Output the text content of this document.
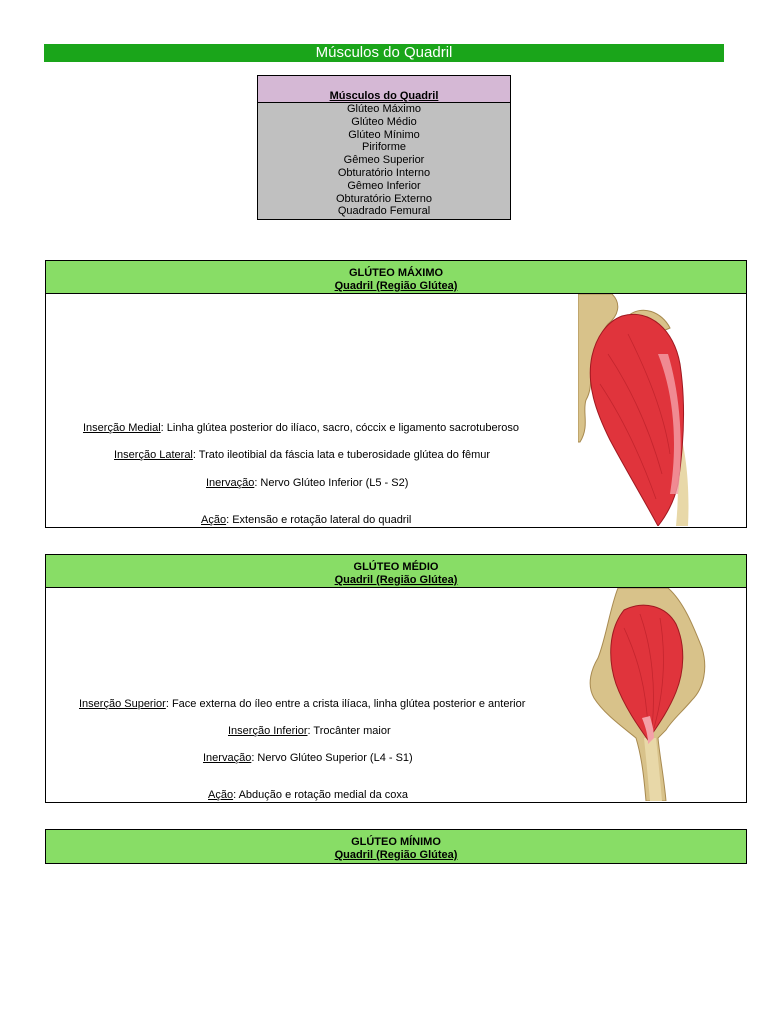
Músculos do Quadril
Músculos do Quadril
Glúteo Máximo
Glúteo Médio
Glúteo Mínimo
Piriforme
Gêmeo Superior
Obturatório Interno
Gêmeo Inferior
Obturatório Externo
Quadrado Femural
GLÚTEO MÁXIMO
Quadril (Região Glútea)
Inserção Medial: Linha glútea posterior do ilíaco, sacro, cóccix e ligamento sacrotuberoso
Inserção Lateral: Trato ileotibial da fáscia lata e tuberosidade glútea do fêmur
Inervação: Nervo Glúteo Inferior (L5 - S2)
Ação: Extensão e rotação lateral do quadril
GLÚTEO MÉDIO
Quadril (Região Glútea)
Inserção Superior: Face externa do íleo entre a crista ilíaca, linha glútea posterior e anterior
Inserção Inferior: Trocânter maior
Inervação: Nervo Glúteo Superior (L4 - S1)
Ação: Abdução e rotação medial da coxa
GLÚTEO MÍNIMO
Quadril (Região Glútea)
